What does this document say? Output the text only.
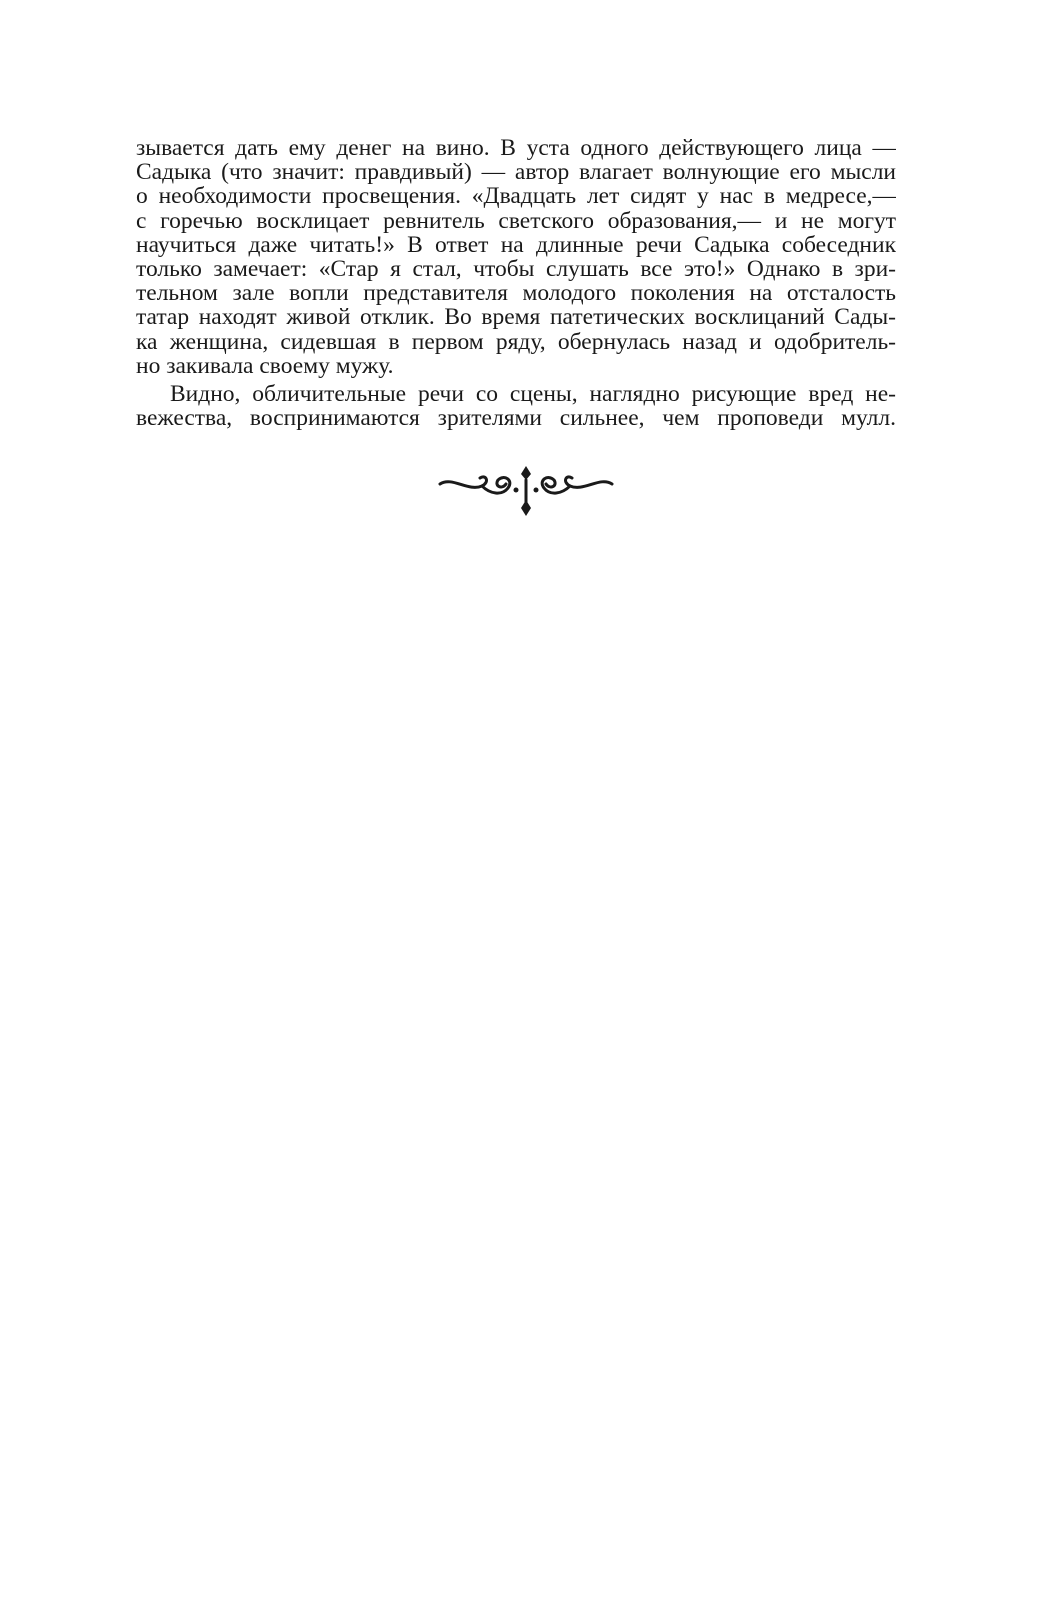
зывается дать ему денег на вино. В уста одного действующего лица —
Садыка (что значит: правдивый) — автор влагает волнующие его мысли
о необходимости просвещения. «Двадцать лет сидят у нас в медресе,—
с горечью восклицает ревнитель светского образования,— и не могут
научиться даже читать!» В ответ на длинные речи Садыка собеседник
только замечает: «Стар я стал, чтобы слушать все это!» Однако в зри-
тельном зале вопли представителя молодого поколения на отсталость
татар находят живой отклик. Во время патетических восклицаний Сады-
ка женщина, сидевшая в первом ряду, обернулась назад и одобритель-
но закивала своему мужу.
Видно, обличительные речи со сцены, наглядно рисующие вред не-
вежества, воспринимаются зрителями сильнее, чем проповеди мулл.
